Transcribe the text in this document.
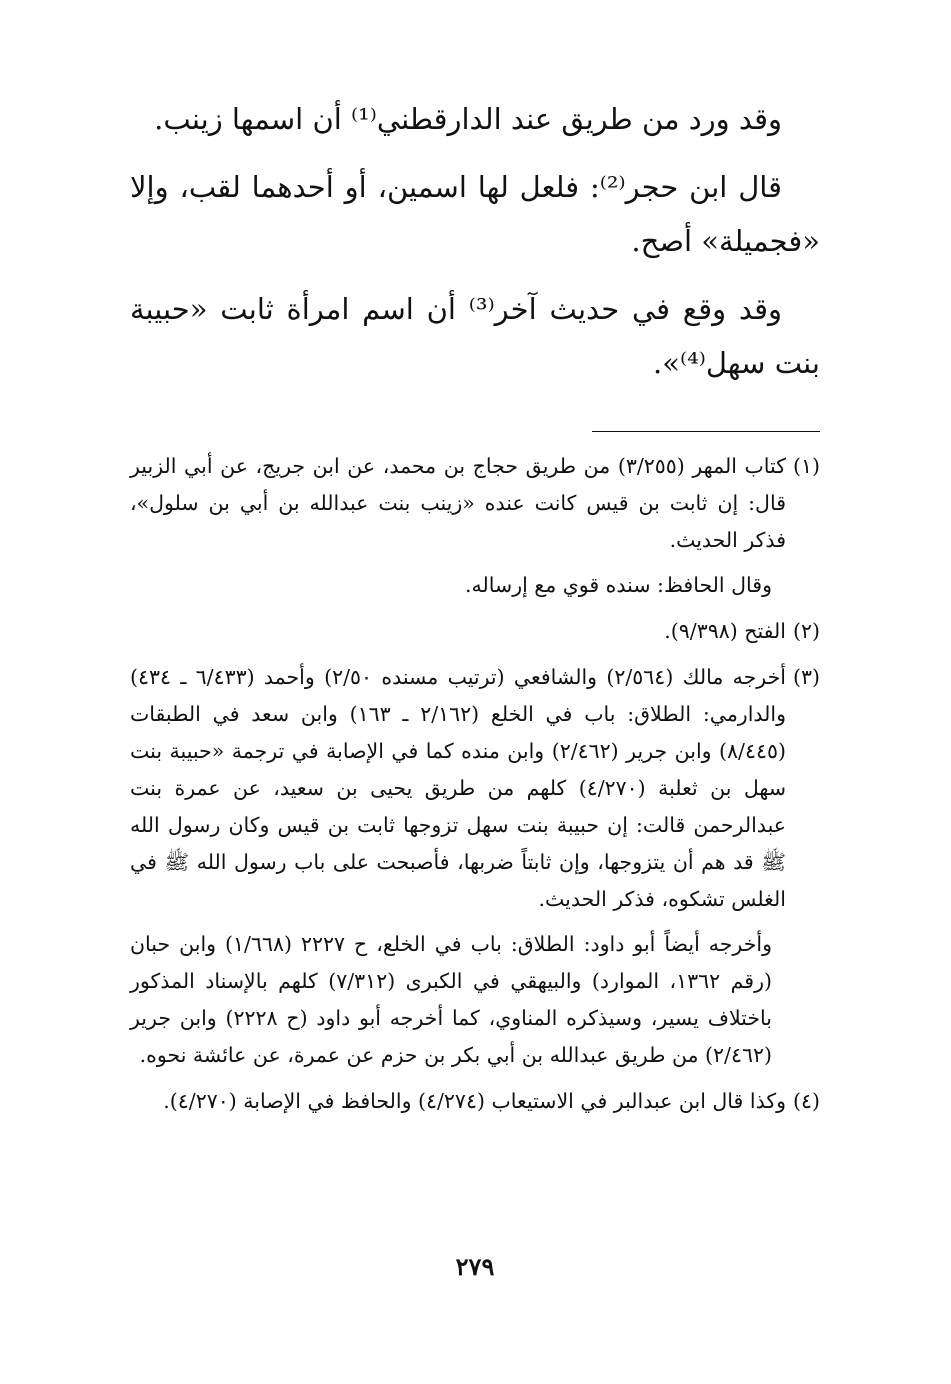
وقد ورد من طريق عند الدارقطني⁽¹⁾ أن اسمها زينب.

قال ابن حجر⁽²⁾: فلعل لها اسمين، أو أحدهما لقب، وإلا «فجميلة» أصح.

وقد وقع في حديث آخر⁽³⁾ أن اسم امرأة ثابت «حبيبة بنت سهل⁽⁴⁾».

(١)

كتاب المهر (٣/٢٥٥) من طريق حجاج بن محمد، عن ابن جريج، عن أبي الزبير قال: إن ثابت بن قيس كانت عنده «زينب بنت عبدالله بن أبي بن سلول»، فذكر الحديث.

وقال الحافظ: سنده قوي مع إرساله.

(٢)

الفتح (٩/٣٩٨).

(٣)

أخرجه مالك (٢/٥٦٤) والشافعي (ترتيب مسنده ٢/٥٠) وأحمد (٦/٤٣٣ ـ ٤٣٤) والدارمي: الطلاق: باب في الخلع (٢/١٦٢ ـ ١٦٣) وابن سعد في الطبقات (٨/٤٤٥) وابن جرير (٢/٤٦٢) وابن منده كما في الإصابة في ترجمة «حبيبة بنت سهل بن ثعلبة (٤/٢٧٠) كلهم من طريق يحيى بن سعيد، عن عمرة بنت عبدالرحمن قالت: إن حبيبة بنت سهل تزوجها ثابت بن قيس وكان رسول الله ﷺ قد هم أن يتزوجها، وإن ثابتاً ضربها، فأصبحت على باب رسول الله ﷺ في الغلس تشكوه، فذكر الحديث.

وأخرجه أيضاً أبو داود: الطلاق: باب في الخلع، ح ٢٢٢٧ (١/٦٦٨) وابن حبان (رقم ١٣٦٢، الموارد) والبيهقي في الكبرى (٧/٣١٢) كلهم بالإسناد المذكور باختلاف يسير، وسيذكره المناوي، كما أخرجه أبو داود (ح ٢٢٢٨) وابن جرير (٢/٤٦٢) من طريق عبدالله بن أبي بكر بن حزم عن عمرة، عن عائشة نحوه.

(٤)

وكذا قال ابن عبدالبر في الاستيعاب (٤/٢٧٤) والحافظ في الإصابة (٤/٢٧٠).

٢٧٩
